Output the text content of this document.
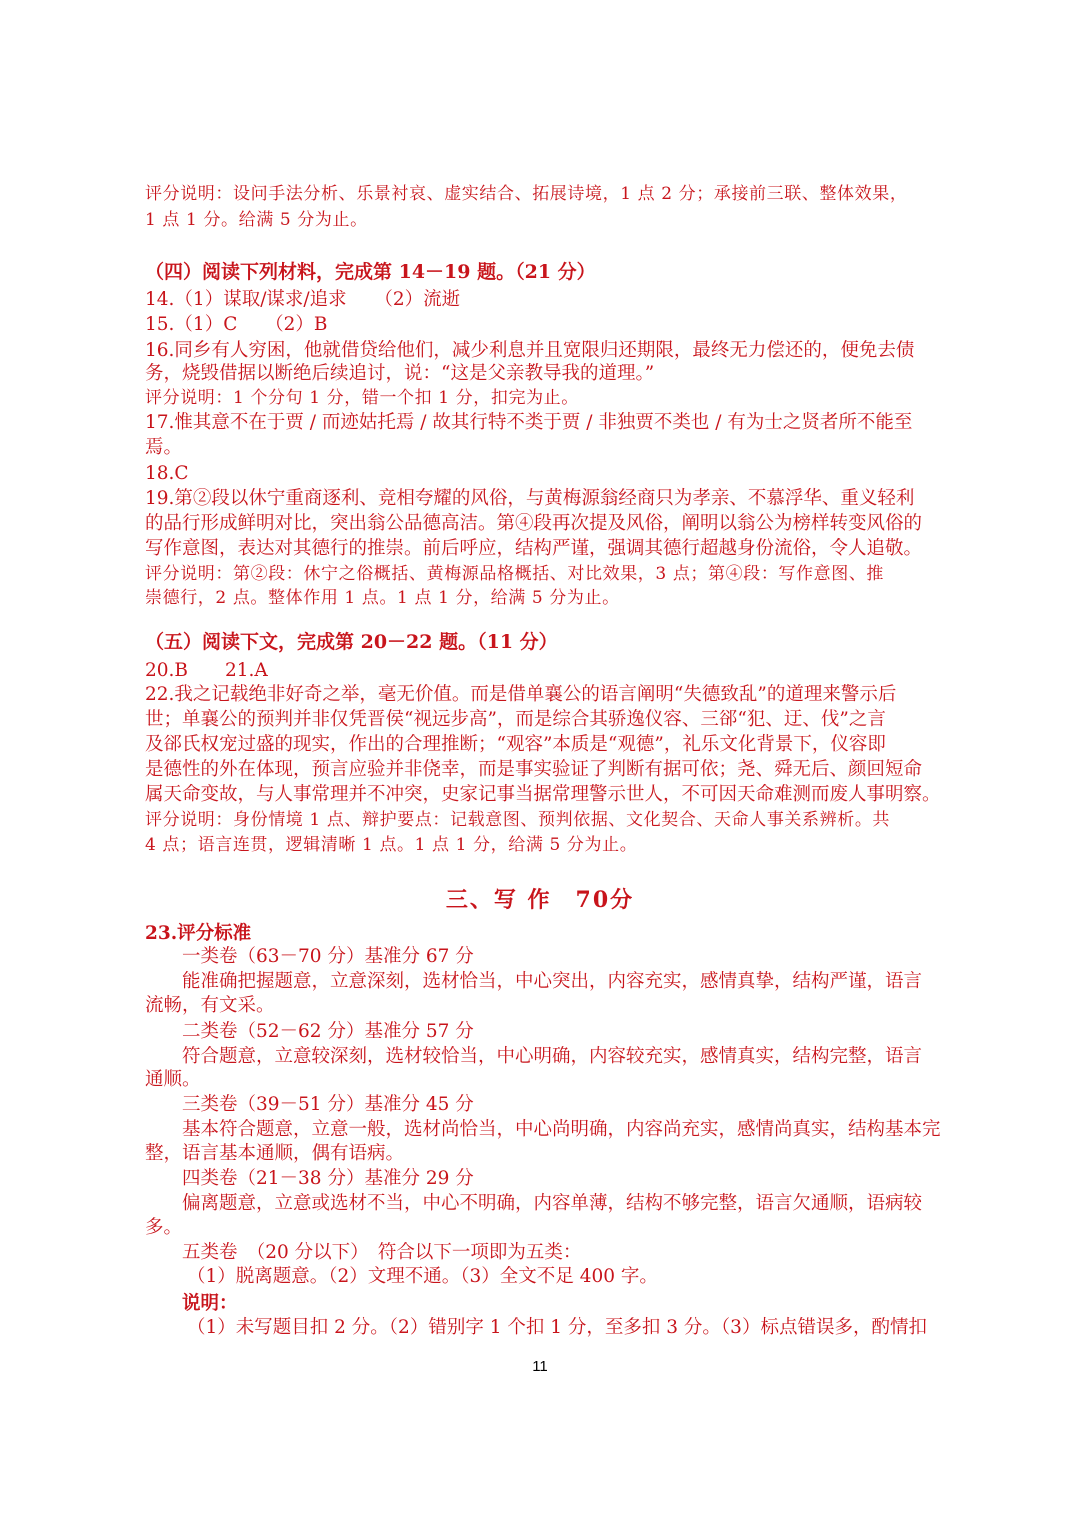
评分说明：设问手法分析、乐景衬哀、虚实结合、拓展诗境，1 点 2 分；承接前三联、整体效果，
1 点 1 分。给满 5 分为止。
（四）阅读下列材料，完成第 14－19 题。（21 分）
14.（1）谋取/谋求/追求　　（2）流逝
15.（1）C　　（2）B
16.同乡有人穷困，他就借贷给他们，减少利息并且宽限归还期限，最终无力偿还的，便免去债
务，烧毁借据以断绝后续追讨，说：“这是父亲教导我的道理。”
评分说明：1 个分句 1 分，错一个扣 1 分，扣完为止。
17.惟其意不在于贾 / 而迹姑托焉 / 故其行特不类于贾 / 非独贾不类也 / 有为士之贤者所不能至
焉。
18.C
19.第②段以休宁重商逐利、竞相夸耀的风俗，与黄梅源翁经商只为孝亲、不慕浮华、重义轻利
的品行形成鲜明对比，突出翁公品德高洁。第④段再次提及风俗，阐明以翁公为榜样转变风俗的
写作意图，表达对其德行的推崇。前后呼应，结构严谨，强调其德行超越身份流俗，令人追敬。
评分说明：第②段：休宁之俗概括、黄梅源品格概括、对比效果，3 点；第④段：写作意图、推
崇德行，2 点。整体作用 1 点。1 点 1 分，给满 5 分为止。
（五）阅读下文，完成第 20－22 题。（11 分）
20.B　　21.A
22.我之记载绝非好奇之举，毫无价值。而是借单襄公的语言阐明“失德致乱”的道理来警示后
世；单襄公的预判并非仅凭晋侯“视远步高”，而是综合其骄逸仪容、三郤“犯、迂、伐”之言
及郤氏权宠过盛的现实，作出的合理推断；“观容”本质是“观德”，礼乐文化背景下，仪容即
是德性的外在体现，预言应验并非侥幸，而是事实验证了判断有据可依；尧、舜无后、颜回短命
属天命变故，与人事常理并不冲突，史家记事当据常理警示世人，不可因天命难测而废人事明察。
评分说明：身份情境 1 点、辩护要点：记载意图、预判依据、文化契合、天命人事关系辨析。共
4 点；语言连贯，逻辑清晰 1 点。1 点 1 分，给满 5 分为止。
23.评分标准
一类卷（63－70 分）基准分 67 分
能准确把握题意，立意深刻，选材恰当，中心突出，内容充实，感情真挚，结构严谨，语言
流畅，有文采。
二类卷（52－62 分）基准分 57 分
符合题意，立意较深刻，选材较恰当，中心明确，内容较充实，感情真实，结构完整，语言
通顺。
三类卷（39－51 分）基准分 45 分
基本符合题意，立意一般，选材尚恰当，中心尚明确，内容尚充实，感情尚真实，结构基本完
整，语言基本通顺，偶有语病。
四类卷（21－38 分）基准分 29 分
偏离题意，立意或选材不当，中心不明确，内容单薄，结构不够完整，语言欠通顺，语病较
多。
五类卷　（20 分以下）　符合以下一项即为五类：
（1）脱离题意。（2）文理不通。（3）全文不足 400 字。
说明：
（1）未写题目扣 2 分。（2）错别字 1 个扣 1 分，至多扣 3 分。（3）标点错误多，酌情扣
三、写 作　70分
11
